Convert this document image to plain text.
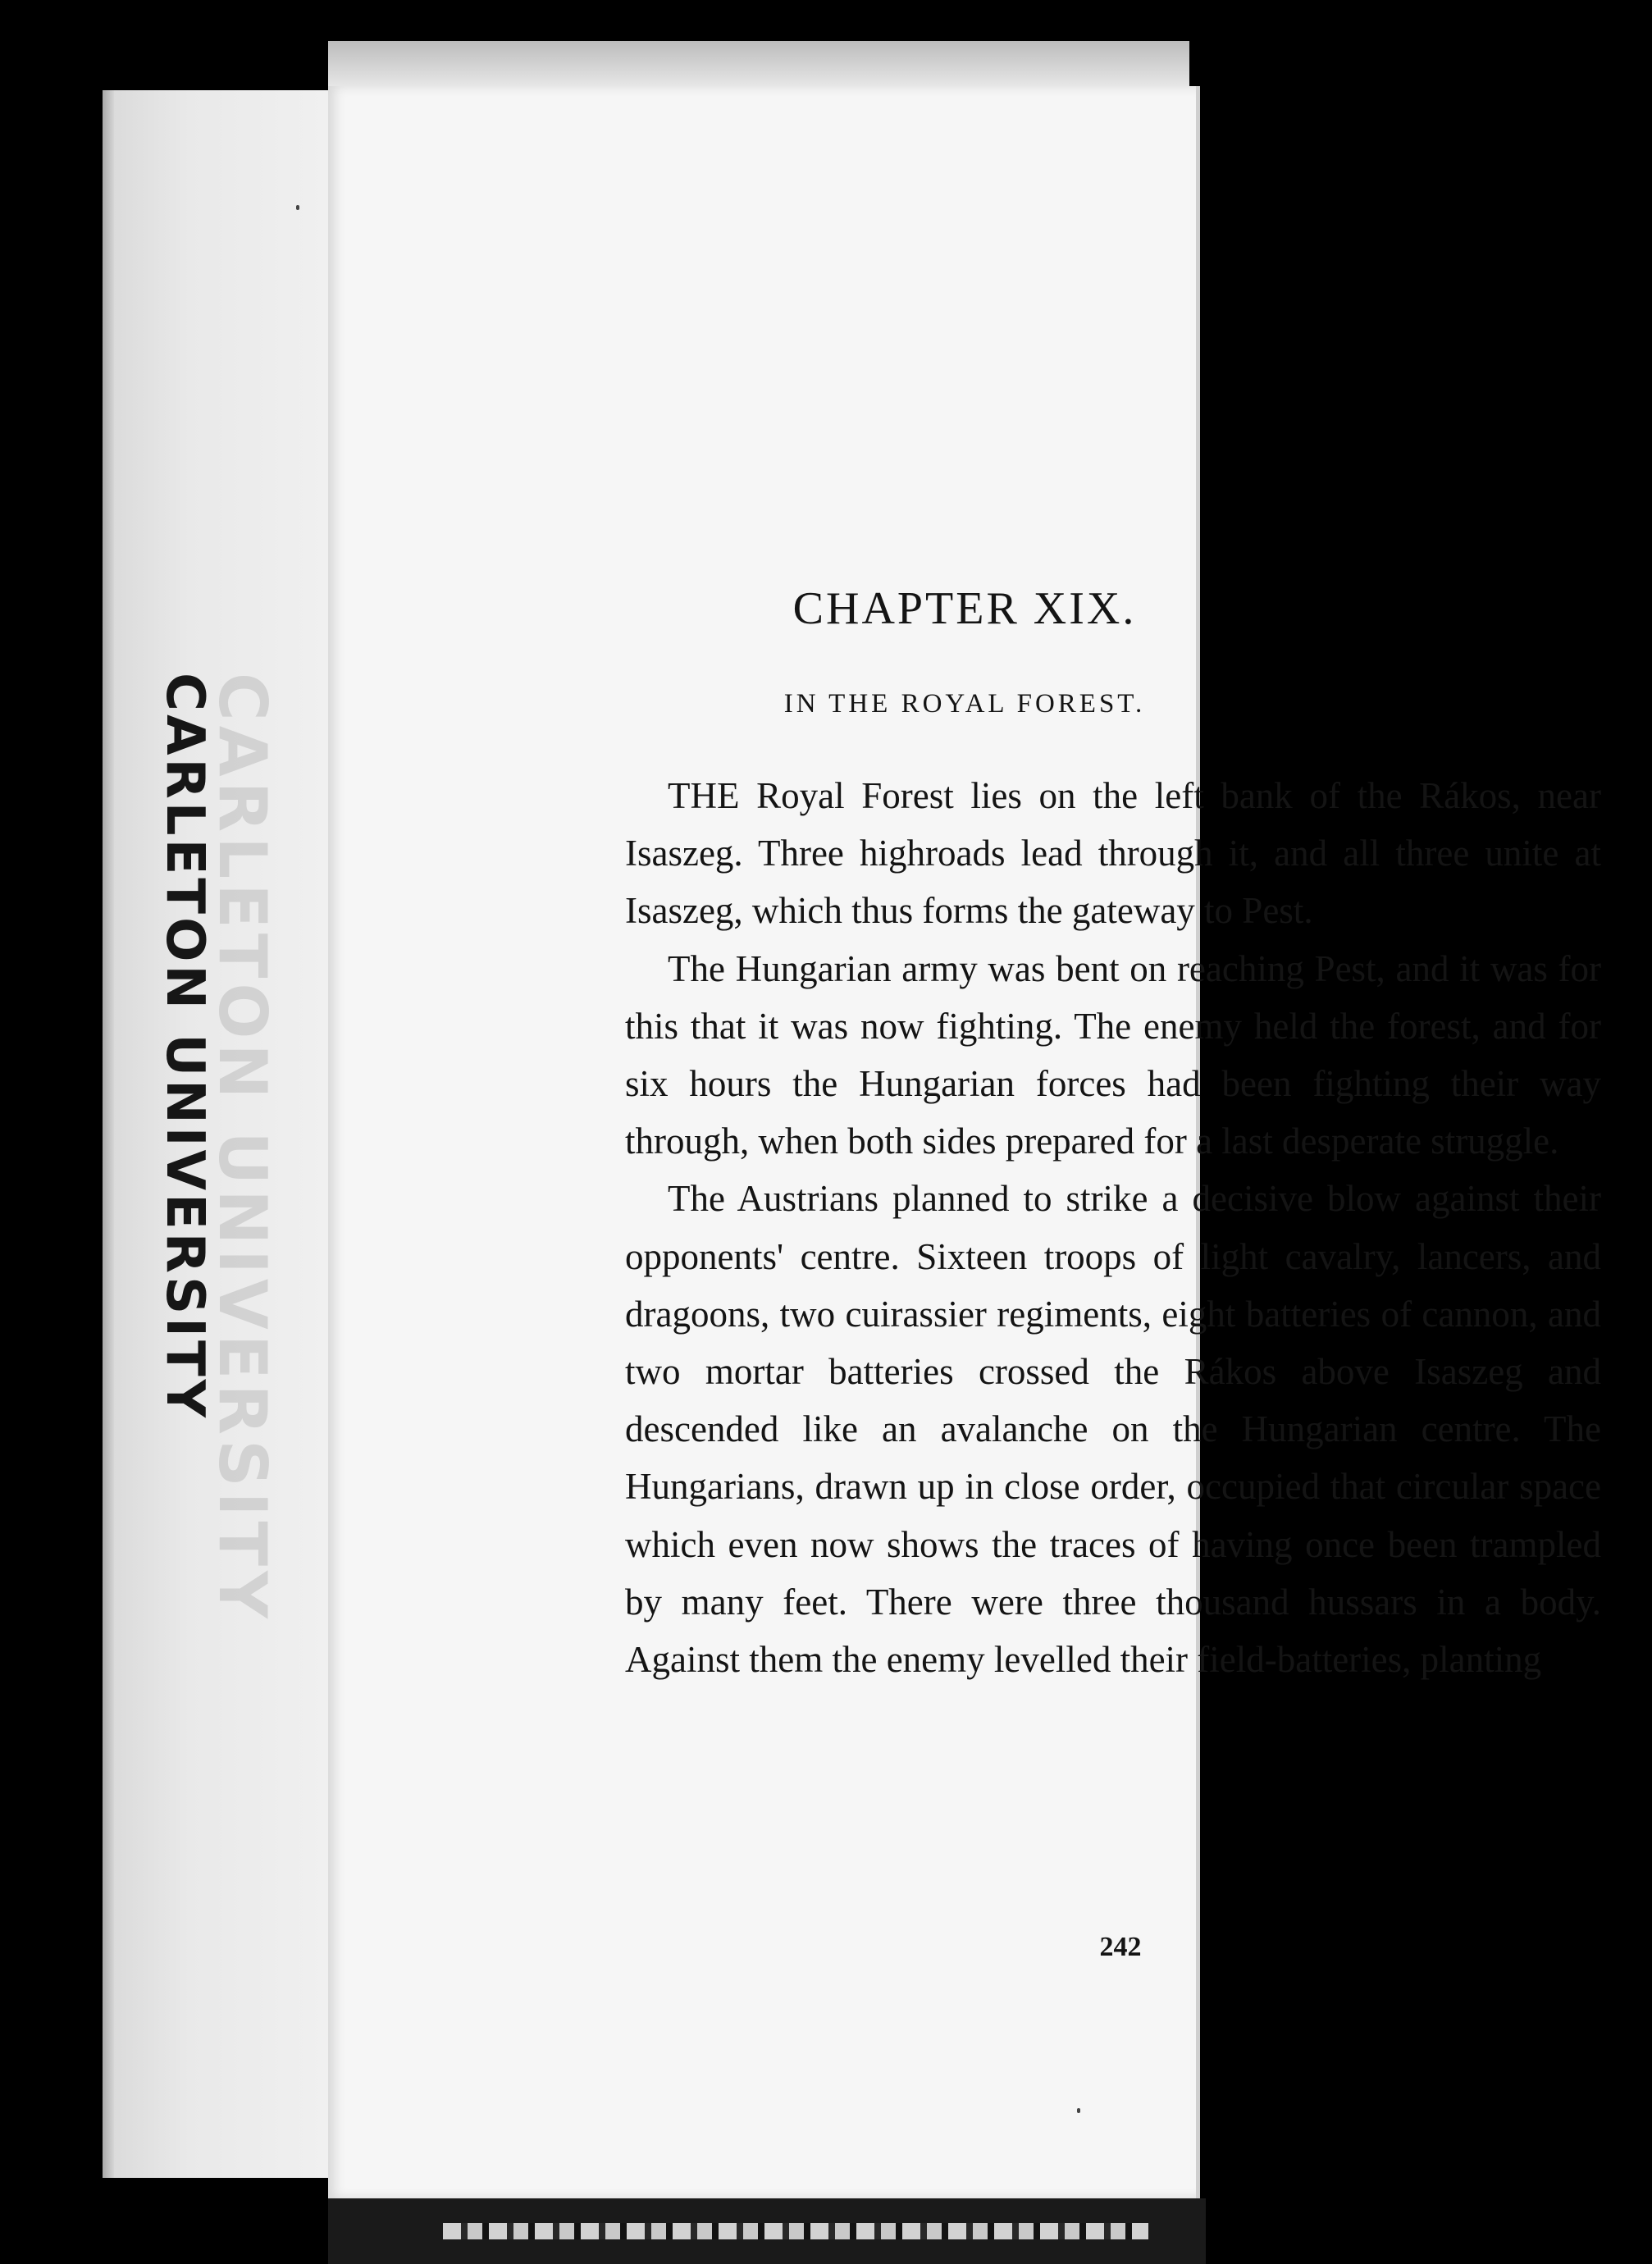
CARLETON UNIVERSITY
CARLETON UNIVERSITY
CHAPTER XIX.
IN THE ROYAL FOREST.

THE Royal Forest lies on the left bank of the Rákos, near Isaszeg. Three highroads lead through it, and all three unite at Isaszeg, which thus forms the gateway to Pest.

The Hungarian army was bent on reaching Pest, and it was for this that it was now fighting. The enemy held the forest, and for six hours the Hungarian forces had been fighting their way through, when both sides prepared for a last desperate struggle.

The Austrians planned to strike a decisive blow against their opponents' centre. Sixteen troops of light cavalry, lancers, and dragoons, two cuirassier regiments, eight batteries of cannon, and two mortar batteries crossed the Rákos above Isaszeg and descended like an avalanche on the Hungarian centre. The Hungarians, drawn up in close order, occupied that circular space which even now shows the traces of having once been trampled by many feet. There were three thousand hussars in a body. Against them the enemy levelled their field-batteries, planting

242
